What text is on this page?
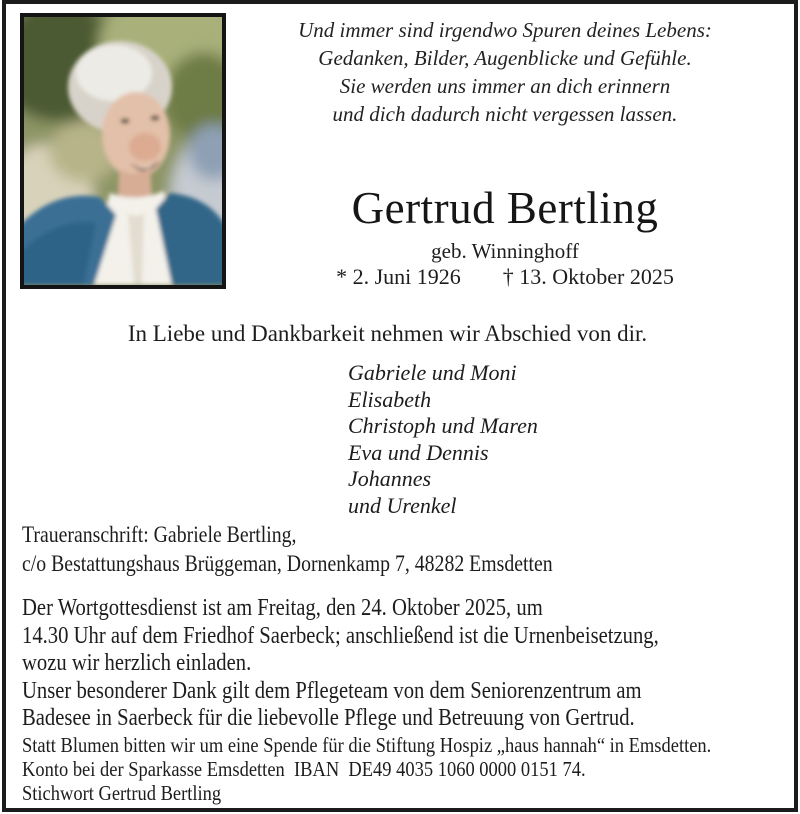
Und immer sind irgendwo Spuren deines Lebens:
Gedanken, Bilder, Augenblicke und Gefühle.
Sie werden uns immer an dich erinnern
und dich dadurch nicht vergessen lassen.
Gertrud Bertling
geb. Winninghoff
* 2. Juni 1926 † 13. Oktober 2025
In Liebe und Dankbarkeit nehmen wir Abschied von dir.
Gabriele und Moni
Elisabeth
Christoph und Maren
Eva und Dennis
Johannes
und Urenkel
Traueranschrift: Gabriele Bertling,
c/o Bestattungshaus Brüggeman, Dornenkamp 7, 48282 Emsdetten
Der Wortgottesdienst ist am Freitag, den 24. Oktober 2025, um
14.30 Uhr auf dem Friedhof Saerbeck; anschließend ist die Urnenbeisetzung,
wozu wir herzlich einladen.
Unser besonderer Dank gilt dem Pflegeteam von dem Seniorenzentrum am
Badesee in Saerbeck für die liebevolle Pflege und Betreuung von Gertrud.
Statt Blumen bitten wir um eine Spende für die Stiftung Hospiz „haus hannah“ in Emsdetten.
Konto bei der Sparkasse Emsdetten  IBAN  DE49 4035 1060 0000 0151 74.
Stichwort Gertrud Bertling
